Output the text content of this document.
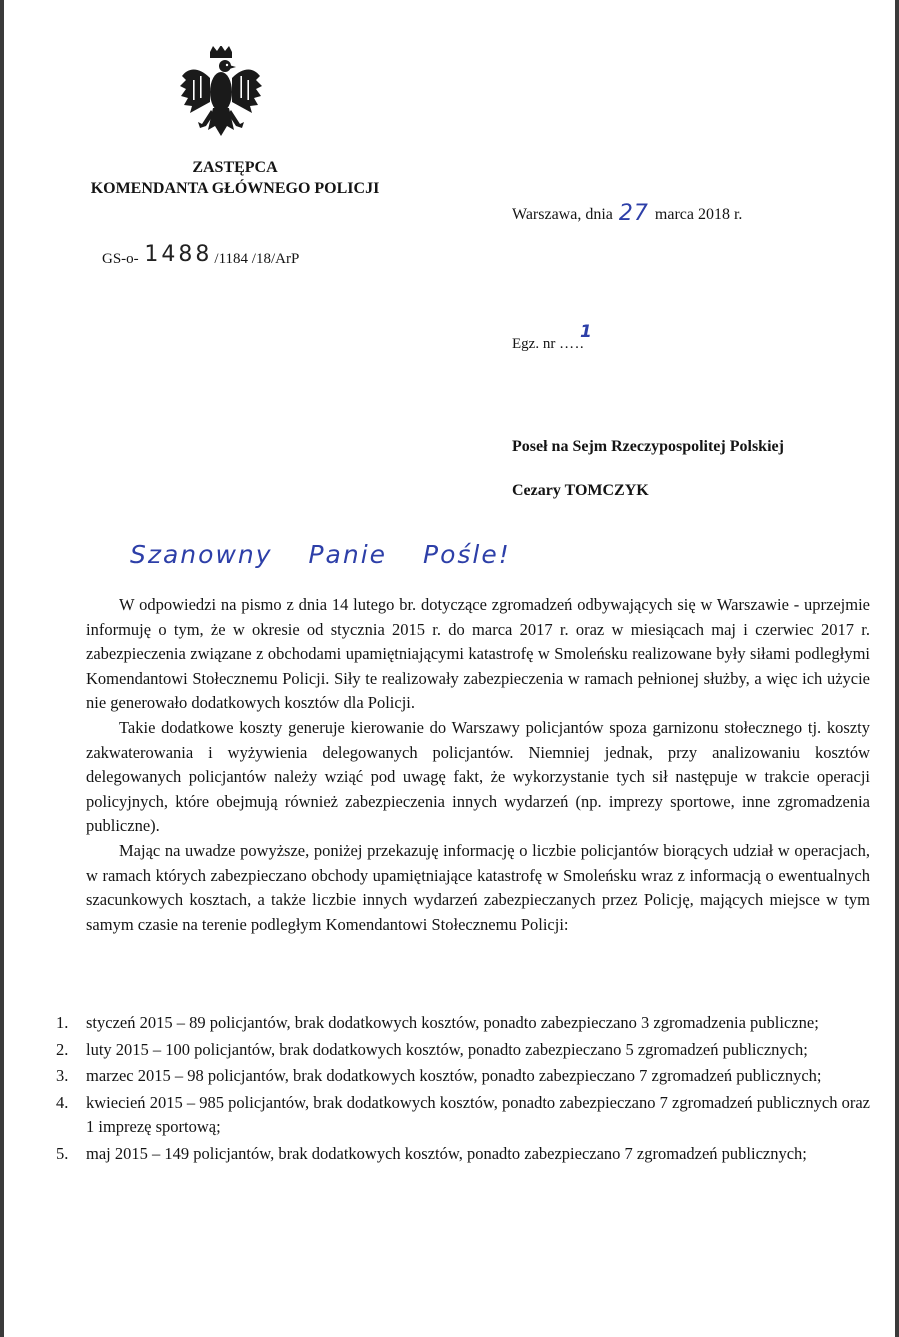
ZASTĘPCA
KOMENDANTA GŁÓWNEGO POLICJI
Warszawa, dnia 27 marca 2018 r.
GS-o- 1488 /1184 /18/ArP
Egz. nr …..
1
Poseł na Sejm Rzeczypospolitej Polskiej
Cezary TOMCZYK
Szanowny Panie Pośle!

W odpowiedzi na pismo z dnia 14 lutego br. dotyczące zgromadzeń odbywających się w Warszawie - uprzejmie informuję o tym, że w okresie od stycznia 2015 r. do marca 2017 r. oraz w miesiącach maj i czerwiec 2017 r. zabezpieczenia związane z obchodami upamiętniającymi katastrofę w Smoleńsku realizowane były siłami podległymi Komendantowi Stołecznemu Policji. Siły te realizowały zabezpieczenia w ramach pełnionej służby, a więc ich użycie nie generowało dodatkowych kosztów dla Policji.

Takie dodatkowe koszty generuje kierowanie do Warszawy policjantów spoza garnizonu stołecznego tj. koszty zakwaterowania i wyżywienia delegowanych policjantów. Niemniej jednak, przy analizowaniu kosztów delegowanych policjantów należy wziąć pod uwagę fakt, że wykorzystanie tych sił następuje w trakcie operacji policyjnych, które obejmują również zabezpieczenia innych wydarzeń (np. imprezy sportowe, inne zgromadzenia publiczne).

Mając na uwadze powyższe, poniżej przekazuję informację o liczbie policjantów biorących udział w operacjach, w ramach których zabezpieczano obchody upamiętniające katastrofę w Smoleńsku wraz z informacją o ewentualnych szacunkowych kosztach, a także liczbie innych wydarzeń zabezpieczanych przez Policję, mających miejsce w tym samym czasie na terenie podległym Komendantowi Stołecznemu Policji:

1. styczeń 2015 – 89 policjantów, brak dodatkowych kosztów, ponadto zabezpieczano 3 zgromadzenia publiczne;
2. luty 2015 – 100 policjantów, brak dodatkowych kosztów, ponadto zabezpieczano 5 zgromadzeń publicznych;
3. marzec 2015 – 98 policjantów, brak dodatkowych kosztów, ponadto zabezpieczano 7 zgromadzeń publicznych;
4. kwiecień 2015 – 985 policjantów, brak dodatkowych kosztów, ponadto zabezpieczano 7 zgromadzeń publicznych oraz 1 imprezę sportową;
5. maj 2015 – 149 policjantów, brak dodatkowych kosztów, ponadto zabezpieczano 7 zgromadzeń publicznych;
